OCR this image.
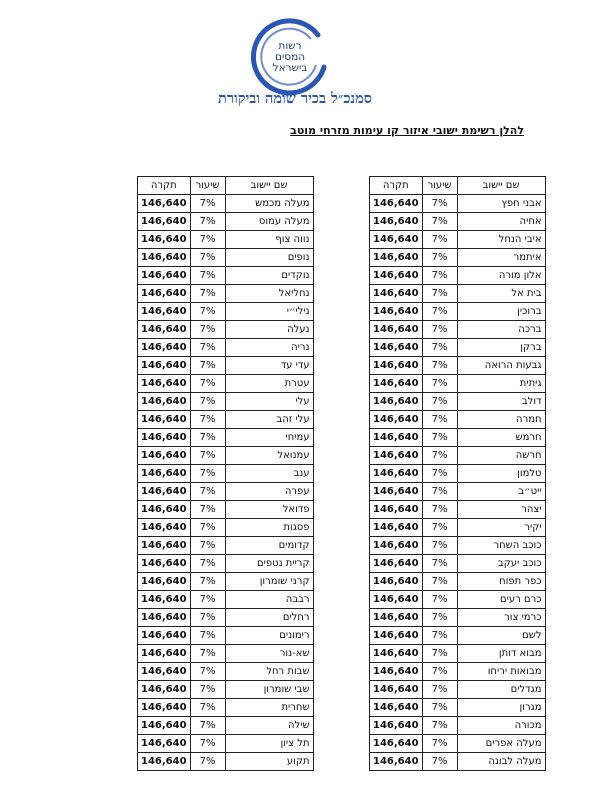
רשות
המסים
בישראל
סמנכ״ל בכיר שומה וביקורת
להלן רשימת ישובי איזור קו עימות מזרחי מוטב
תקרה	שיעור	שם יישוב
146,640	7%	אבני חפץ
146,640	7%	אחיה
146,640	7%	איבי הנחל
146,640	7%	איתמר
146,640	7%	אלון מורה
146,640	7%	בית אל
146,640	7%	ברוכין
146,640	7%	ברכה
146,640	7%	ברקן
146,640	7%	גבעות הרואה
146,640	7%	גיתית
146,640	7%	דולב
146,640	7%	חמרה
146,640	7%	חרמש
146,640	7%	חרשה
146,640	7%	טלמון
146,640	7%	ייט״ב
146,640	7%	יצהר
146,640	7%	יקיר
146,640	7%	כוכב השחר
146,640	7%	כוכב יעקב
146,640	7%	כפר תפוח
146,640	7%	כרם רעים
146,640	7%	כרמי צור
146,640	7%	לשם
146,640	7%	מבוא דותן
146,640	7%	מבואות יריחו
146,640	7%	מגדלים
146,640	7%	מגרון
146,640	7%	מכורה
146,640	7%	מעלה אפרים
146,640	7%	מעלה לבונה
תקרה	שיעור	שם יישוב
146,640	7%	מעלה מכמש
146,640	7%	מעלה עמוס
146,640	7%	נווה צוף
146,640	7%	נופים
146,640	7%	נוקדים
146,640	7%	נחליאל
146,640	7%	נילי״י
146,640	7%	נעלה
146,640	7%	נריה
146,640	7%	עדי עד
146,640	7%	עטרת
146,640	7%	עלי
146,640	7%	עלי זהב
146,640	7%	עמיחי
146,640	7%	עמנואל
146,640	7%	ענב
146,640	7%	עפרה
146,640	7%	פדואל
146,640	7%	פסגות
146,640	7%	קדומים
146,640	7%	קריית נטפים
146,640	7%	קרני שומרון
146,640	7%	רבבה
146,640	7%	רחלים
146,640	7%	רימונים
146,640	7%	שא-נור
146,640	7%	שבות רחל
146,640	7%	שבי שומרון
146,640	7%	שחרית
146,640	7%	שילה
146,640	7%	תל ציון
146,640	7%	תקוע
